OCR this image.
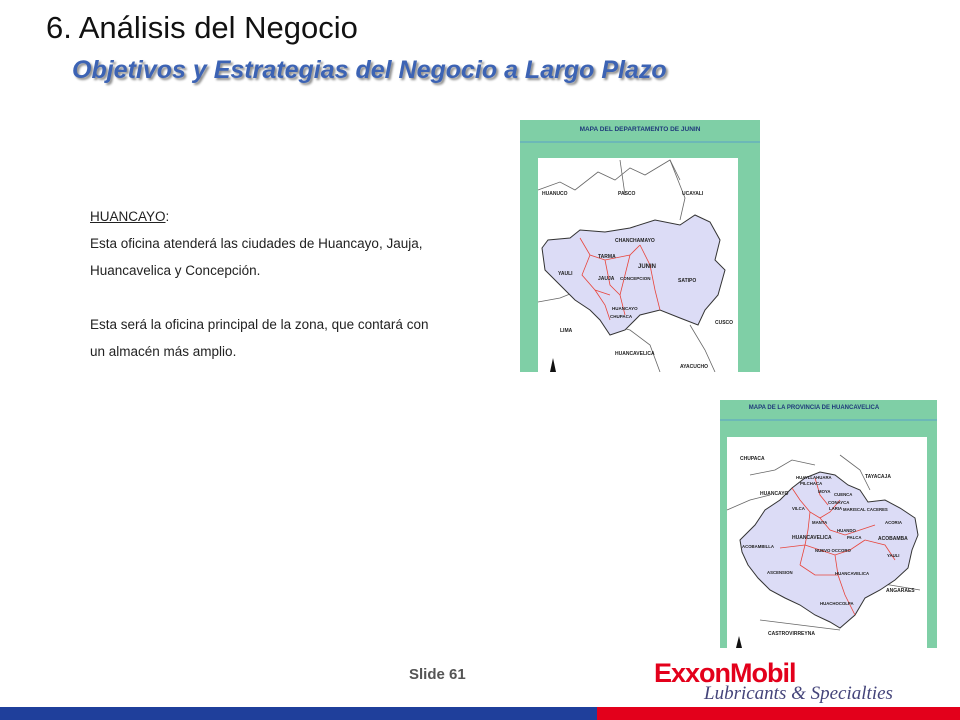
6. Análisis del Negocio
Objetivos y Estrategias del Negocio a Largo Plazo

HUANCAYO:

Esta oficina atenderá las ciudades de Huancayo, Jauja,

Huancavelica y Concepción.

Esta será la oficina principal de la zona, que contará con

un almacén más amplio.

MAPA DEL DEPARTAMENTO DE JUNIN
HUANUCO	PASCO	UCAYALI
CHANCHAMAYO
TARMA
JUNIN
YAULI
JAUJA CONCEPCION	SATIPO
HUANCAYO
CHUPACA
CUSCO
LIMA
HUANCAVELICA
AYACUCHO
MAPA DE LA PROVINCIA DE HUANCAVELICA
CHUPACA
TAYACAJA
HUANCAYO
HUAYLLAHUARA
PILCHACA
MOYA
CUENCA
VILCA	LARIA MARISCAL CACERES
CONAYCA
MANTA	ACORIA
HUANDO
HUANCAVELICA	PALCA	ACOBAMBA
ACOBAMBILLA
NUEVO OCCORO
YAULI
ASCENSION	HUANCAVELICA
ANGARAES
HUACHOCOLPA
CASTROVIRREYNA
Slide 61	ExxonMobil
Lubricants & Specialties
